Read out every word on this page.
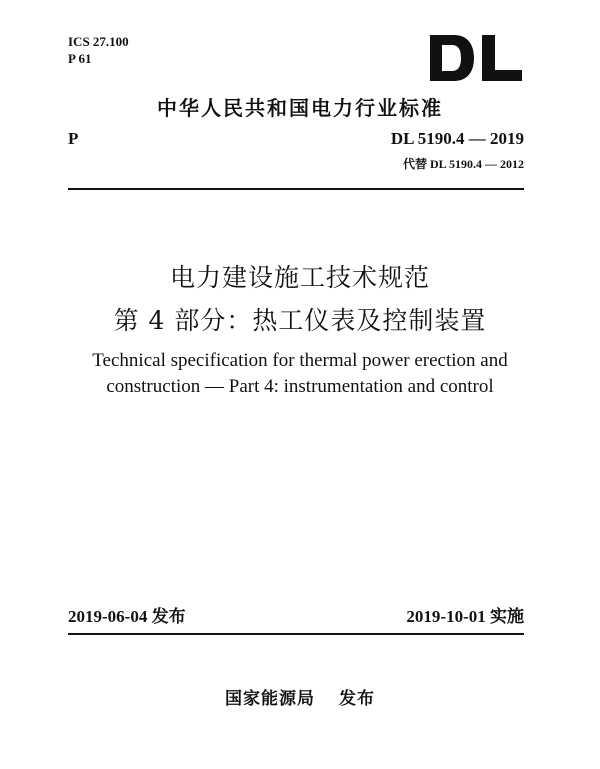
ICS 27.100
P 61
中华人民共和国电力行业标准
P	DL 5190.4 — 2019
代替 DL 5190.4 — 2012
电力建设施工技术规范
第 4 部分：热工仪表及控制装置
Technical specification for thermal power erection and
construction — Part 4: instrumentation and control
2019-06-04 发布	2019-10-01 实施
国家能源局 发布
